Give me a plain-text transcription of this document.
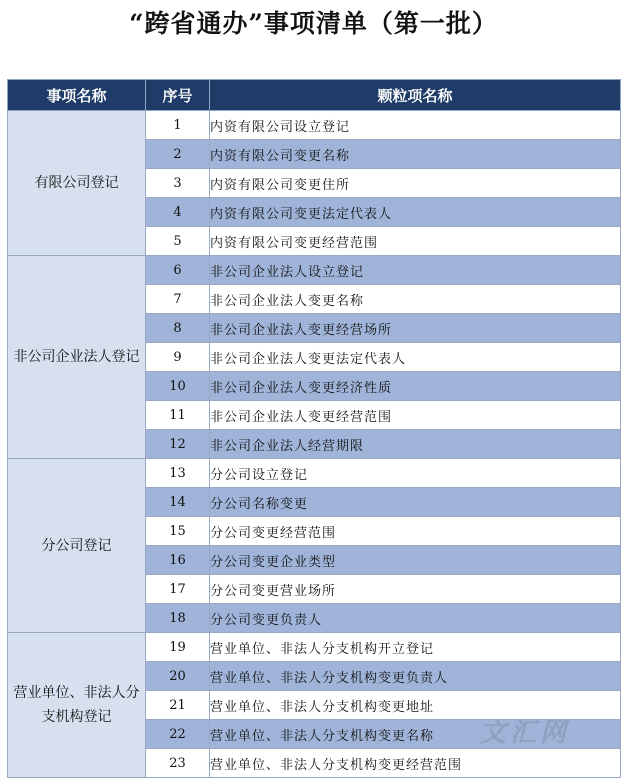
“跨省通办”事项清单（第一批）
事项名称	序号	颗粒项名称
有限公司登记	1	内资有限公司设立登记
	2	内资有限公司变更名称
	3	内资有限公司变更住所
	4	内资有限公司变更法定代表人
	5	内资有限公司变更经营范围
非公司企业法人登记	6	非公司企业法人设立登记
	7	非公司企业法人变更名称
	8	非公司企业法人变更经营场所
	9	非公司企业法人变更法定代表人
	10	非公司企业法人变更经济性质
	11	非公司企业法人变更经营范围
	12	非公司企业法人经营期限
分公司登记	13	分公司设立登记
	14	分公司名称变更
	15	分公司变更经营范围
	16	分公司变更企业类型
	17	分公司变更营业场所
	18	分公司变更负责人
营业单位、非法人分支机构登记	19	营业单位、非法人分支机构开立登记
	20	营业单位、非法人分支机构变更负责人
	21	营业单位、非法人分支机构变更地址
	22	营业单位、非法人分支机构变更名称
	23	营业单位、非法人分支机构变更经营范围
文汇网
